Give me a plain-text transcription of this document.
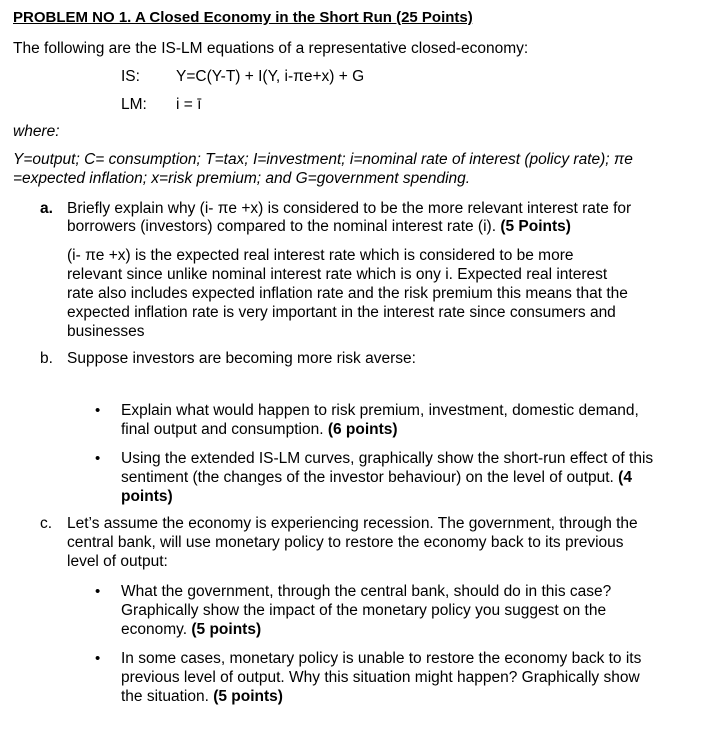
PROBLEM NO 1. A Closed Economy in the Short Run (25 Points)
The following are the IS-LM equations of a representative closed-economy:
IS: Y=C(Y-T) + I(Y, i-πe+x) + G
LM: i = ī
where:
Y=output; C= consumption; T=tax; I=investment; i=nominal rate of interest (policy rate); πe
=expected inflation; x=risk premium; and G=government spending.
a. Briefly explain why (i- πe +x) is considered to be the more relevant interest rate for
borrowers (investors) compared to the nominal interest rate (i). (5 Points)
(i- πe +x) is the expected real interest rate which is considered to be more
relevant since unlike nominal interest rate which is ony i. Expected real interest
rate also includes expected inflation rate and the risk premium this means that the
expected inflation rate is very important in the interest rate since consumers and
businesses
b. Suppose investors are becoming more risk averse:
• Explain what would happen to risk premium, investment, domestic demand,
final output and consumption. (6 points)
• Using the extended IS-LM curves, graphically show the short-run effect of this
sentiment (the changes of the investor behaviour) on the level of output. (4
points)
c. Let’s assume the economy is experiencing recession. The government, through the
central bank, will use monetary policy to restore the economy back to its previous
level of output:
• What the government, through the central bank, should do in this case?
Graphically show the impact of the monetary policy you suggest on the
economy. (5 points)
• In some cases, monetary policy is unable to restore the economy back to its
previous level of output. Why this situation might happen? Graphically show
the situation. (5 points)
